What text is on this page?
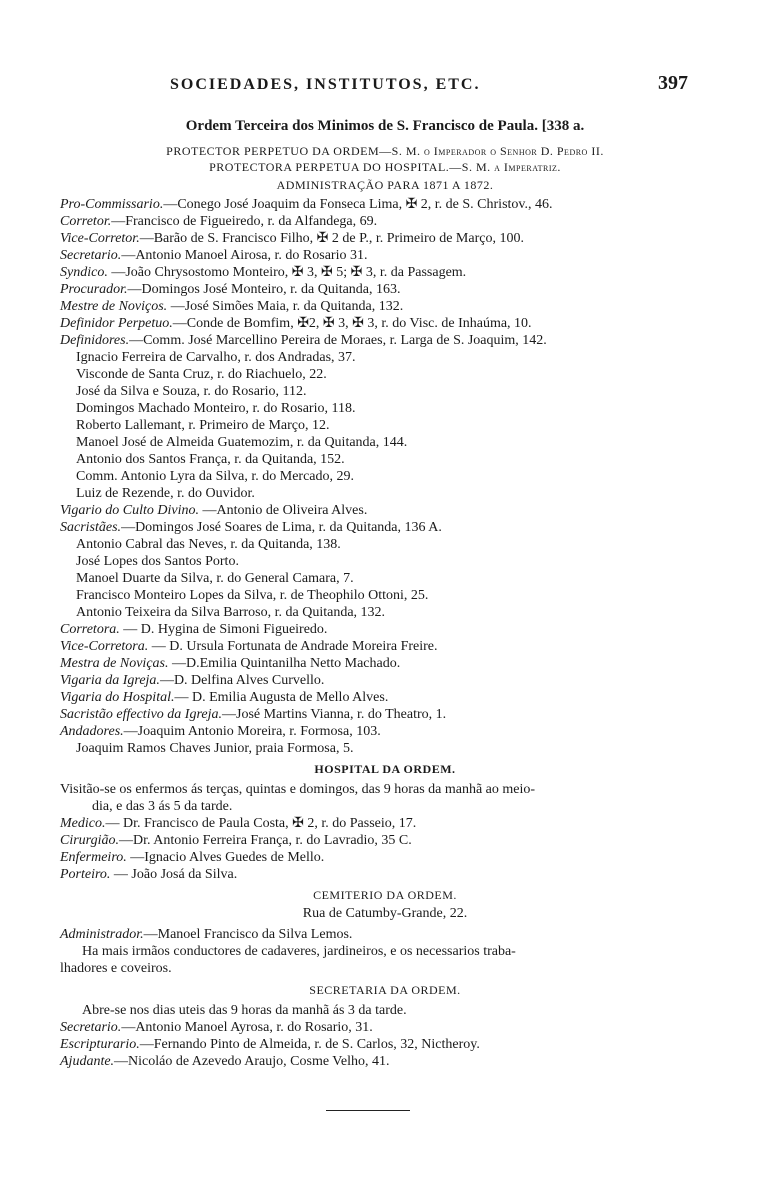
SOCIEDADES, INSTITUTOS, ETC.	397
Ordem Terceira dos Minimos de S. Francisco de Paula. [338 a.
PROTECTOR PERPETUO DA ORDEM—S. M. o Imperador o Senhor D. Pedro II.
PROTECTORA PERPETUA DO HOSPITAL.—S. M. a Imperatriz.
ADMINISTRAÇÃO PARA 1871 A 1872.
Pro-Commissario.—Conego José Joaquim da Fonseca Lima, ✠ 2, r. de S. Christov., 46.
Corretor.—Francisco de Figueiredo, r. da Alfandega, 69.
Vice-Corretor.—Barão de S. Francisco Filho, ✠ 2 de P., r. Primeiro de Março, 100.
Secretario.—Antonio Manoel Airosa, r. do Rosario 31.
Syndico. —João Chrysostomo Monteiro, ✠ 3, ✠ 5; ✠ 3, r. da Passagem.
Procurador.—Domingos José Monteiro, r. da Quitanda, 163.
Mestre de Noviços. —José Simões Maia, r. da Quitanda, 132.
Definidor Perpetuo.—Conde de Bomfim, ✠2, ✠ 3, ✠ 3, r. do Visc. de Inhaúma, 10.
Definidores.—Comm. José Marcellino Pereira de Moraes, r. Larga de S. Joaquim, 142.
Ignacio Ferreira de Carvalho, r. dos Andradas, 37.
Visconde de Santa Cruz, r. do Riachuelo, 22.
José da Silva e Souza, r. do Rosario, 112.
Domingos Machado Monteiro, r. do Rosario, 118.
Roberto Lallemant, r. Primeiro de Março, 12.
Manoel José de Almeida Guatemozim, r. da Quitanda, 144.
Antonio dos Santos França, r. da Quitanda, 152.
Comm. Antonio Lyra da Silva, r. do Mercado, 29.
Luiz de Rezende, r. do Ouvidor.
Vigario do Culto Divino. —Antonio de Oliveira Alves.
Sacristães.—Domingos José Soares de Lima, r. da Quitanda, 136 A.
Antonio Cabral das Neves, r. da Quitanda, 138.
José Lopes dos Santos Porto.
Manoel Duarte da Silva, r. do General Camara, 7.
Francisco Monteiro Lopes da Silva, r. de Theophilo Ottoni, 25.
Antonio Teixeira da Silva Barroso, r. da Quitanda, 132.
Corretora. — D. Hygina de Simoni Figueiredo.
Vice-Corretora. — D. Ursula Fortunata de Andrade Moreira Freire.
Mestra de Noviças. —D.Emilia Quintanilha Netto Machado.
Vigaria da Igreja.—D. Delfina Alves Curvello.
Vigaria do Hospital.— D. Emilia Augusta de Mello Alves.
Sacristão effectivo da Igreja.—José Martins Vianna, r. do Theatro, 1.
Andadores.—Joaquim Antonio Moreira, r. Formosa, 103.
Joaquim Ramos Chaves Junior, praia Formosa, 5.
HOSPITAL DA ORDEM.
Visitão-se os enfermos ás terças, quintas e domingos, das 9 horas da manhã ao meio-
dia, e das 3 ás 5 da tarde.
Medico.— Dr. Francisco de Paula Costa, ✠ 2, r. do Passeio, 17.
Cirurgião.—Dr. Antonio Ferreira França, r. do Lavradio, 35 C.
Enfermeiro. —Ignacio Alves Guedes de Mello.
Porteiro. — João Josá da Silva.
CEMITERIO DA ORDEM.
Rua de Catumby-Grande, 22.
Administrador.—Manoel Francisco da Silva Lemos.
Ha mais irmãos conductores de cadaveres, jardineiros, e os necessarios traba-
lhadores e coveiros.
SECRETARIA DA ORDEM.
Abre-se nos dias uteis das 9 horas da manhã ás 3 da tarde.
Secretario.—Antonio Manoel Ayrosa, r. do Rosario, 31.
Escripturario.—Fernando Pinto de Almeida, r. de S. Carlos, 32, Nictheroy.
Ajudante.—Nicoláo de Azevedo Araujo, Cosme Velho, 41.
